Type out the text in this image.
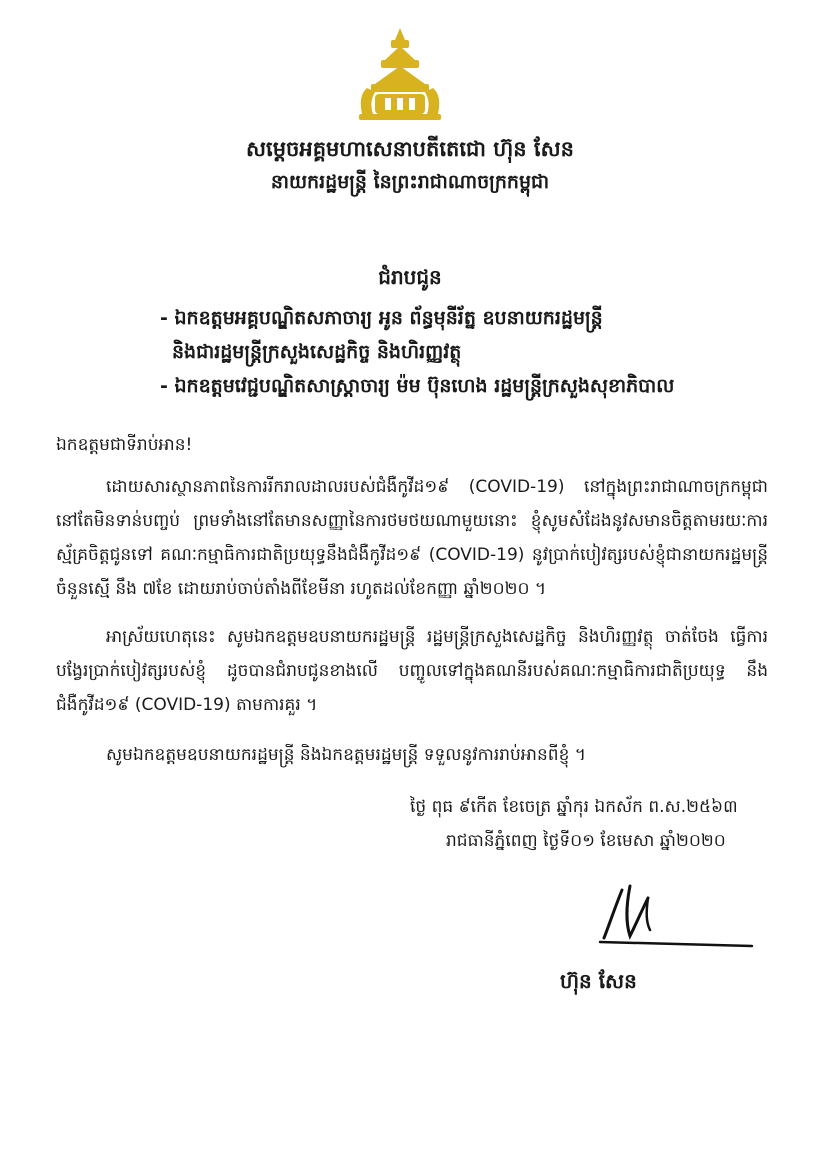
សម្តេចអគ្គមហាសេនាបតីតេជោ ហ៊ុន សែន
នាយករដ្ឋមន្ត្រី នៃព្រះរាជាណាចក្រកម្ពុជា
ជំរាបជូន
- ឯកឧត្តមអគ្គបណ្ឌិតសភាចារ្យ អូន ព័ន្ធមុនីរ័ត្ន ឧបនាយករដ្ឋមន្ត្រី
និងជារដ្ឋមន្ត្រីក្រសួងសេដ្ឋកិច្ច និងហិរញ្ញវត្ថុ
- ឯកឧត្តមវេជ្ជបណ្ឌិតសាស្ត្រាចារ្យ ម៉ម ប៊ុនហេង រដ្ឋមន្ត្រីក្រសួងសុខាភិបាល
ឯកឧត្តមជាទីរាប់អាន!
ដោយសារស្ថានភាពនៃការរីករាលដាលរបស់ជំងឺកូវីដ១៩ (COVID-19) នៅក្នុងព្រះរាជាណាចក្រកម្ពុជា នៅតែមិនទាន់បញ្ចប់ ព្រមទាំងនៅតែមានសញ្ញានៃការថមថយណាមួយនោះ ខ្ញុំសូមសំដែងនូវសមានចិត្តតាមរយៈការស្ម័គ្រចិត្តជូនទៅ គណៈកម្មាធិការជាតិប្រយុទ្ធនឹងជំងឺកូវីដ១៩ (COVID-19) នូវប្រាក់បៀវត្សរបស់ខ្ញុំជានាយករដ្ឋមន្ត្រី ចំនួនស្មើ នឹង ៧ខែ ដោយរាប់ចាប់តាំងពីខែមីនា រហូតដល់ខែកញ្ញា ឆ្នាំ២០២០ ។
អាស្រ័យហេតុនេះ សូមឯកឧត្តមឧបនាយករដ្ឋមន្ត្រី រដ្ឋមន្ត្រីក្រសួងសេដ្ឋកិច្ច និងហិរញ្ញវត្ថុ ចាត់ចែង ធ្វើការបង្វែរប្រាក់បៀវត្សរបស់ខ្ញុំ ដូចបានជំរាបជូនខាងលើ បញ្ចូលទៅក្នុងគណនីរបស់គណៈកម្មាធិការជាតិប្រយុទ្ធ នឹងជំងឺកូវីដ១៩ (COVID-19) តាមការគួរ ។
សូមឯកឧត្តមឧបនាយករដ្ឋមន្ត្រី និងឯកឧត្តមរដ្ឋមន្ត្រី ទទួលនូវការរាប់អានពីខ្ញុំ ។
ថ្ងៃ ពុធ ៩កើត ខែចេត្រ ឆ្នាំកុរ ឯកស័ក ព.ស.២៥៦៣
រាជធានីភ្នំពេញ ថ្ងៃទី០១ ខែមេសា ឆ្នាំ២០២០
ហ៊ុន សែន
